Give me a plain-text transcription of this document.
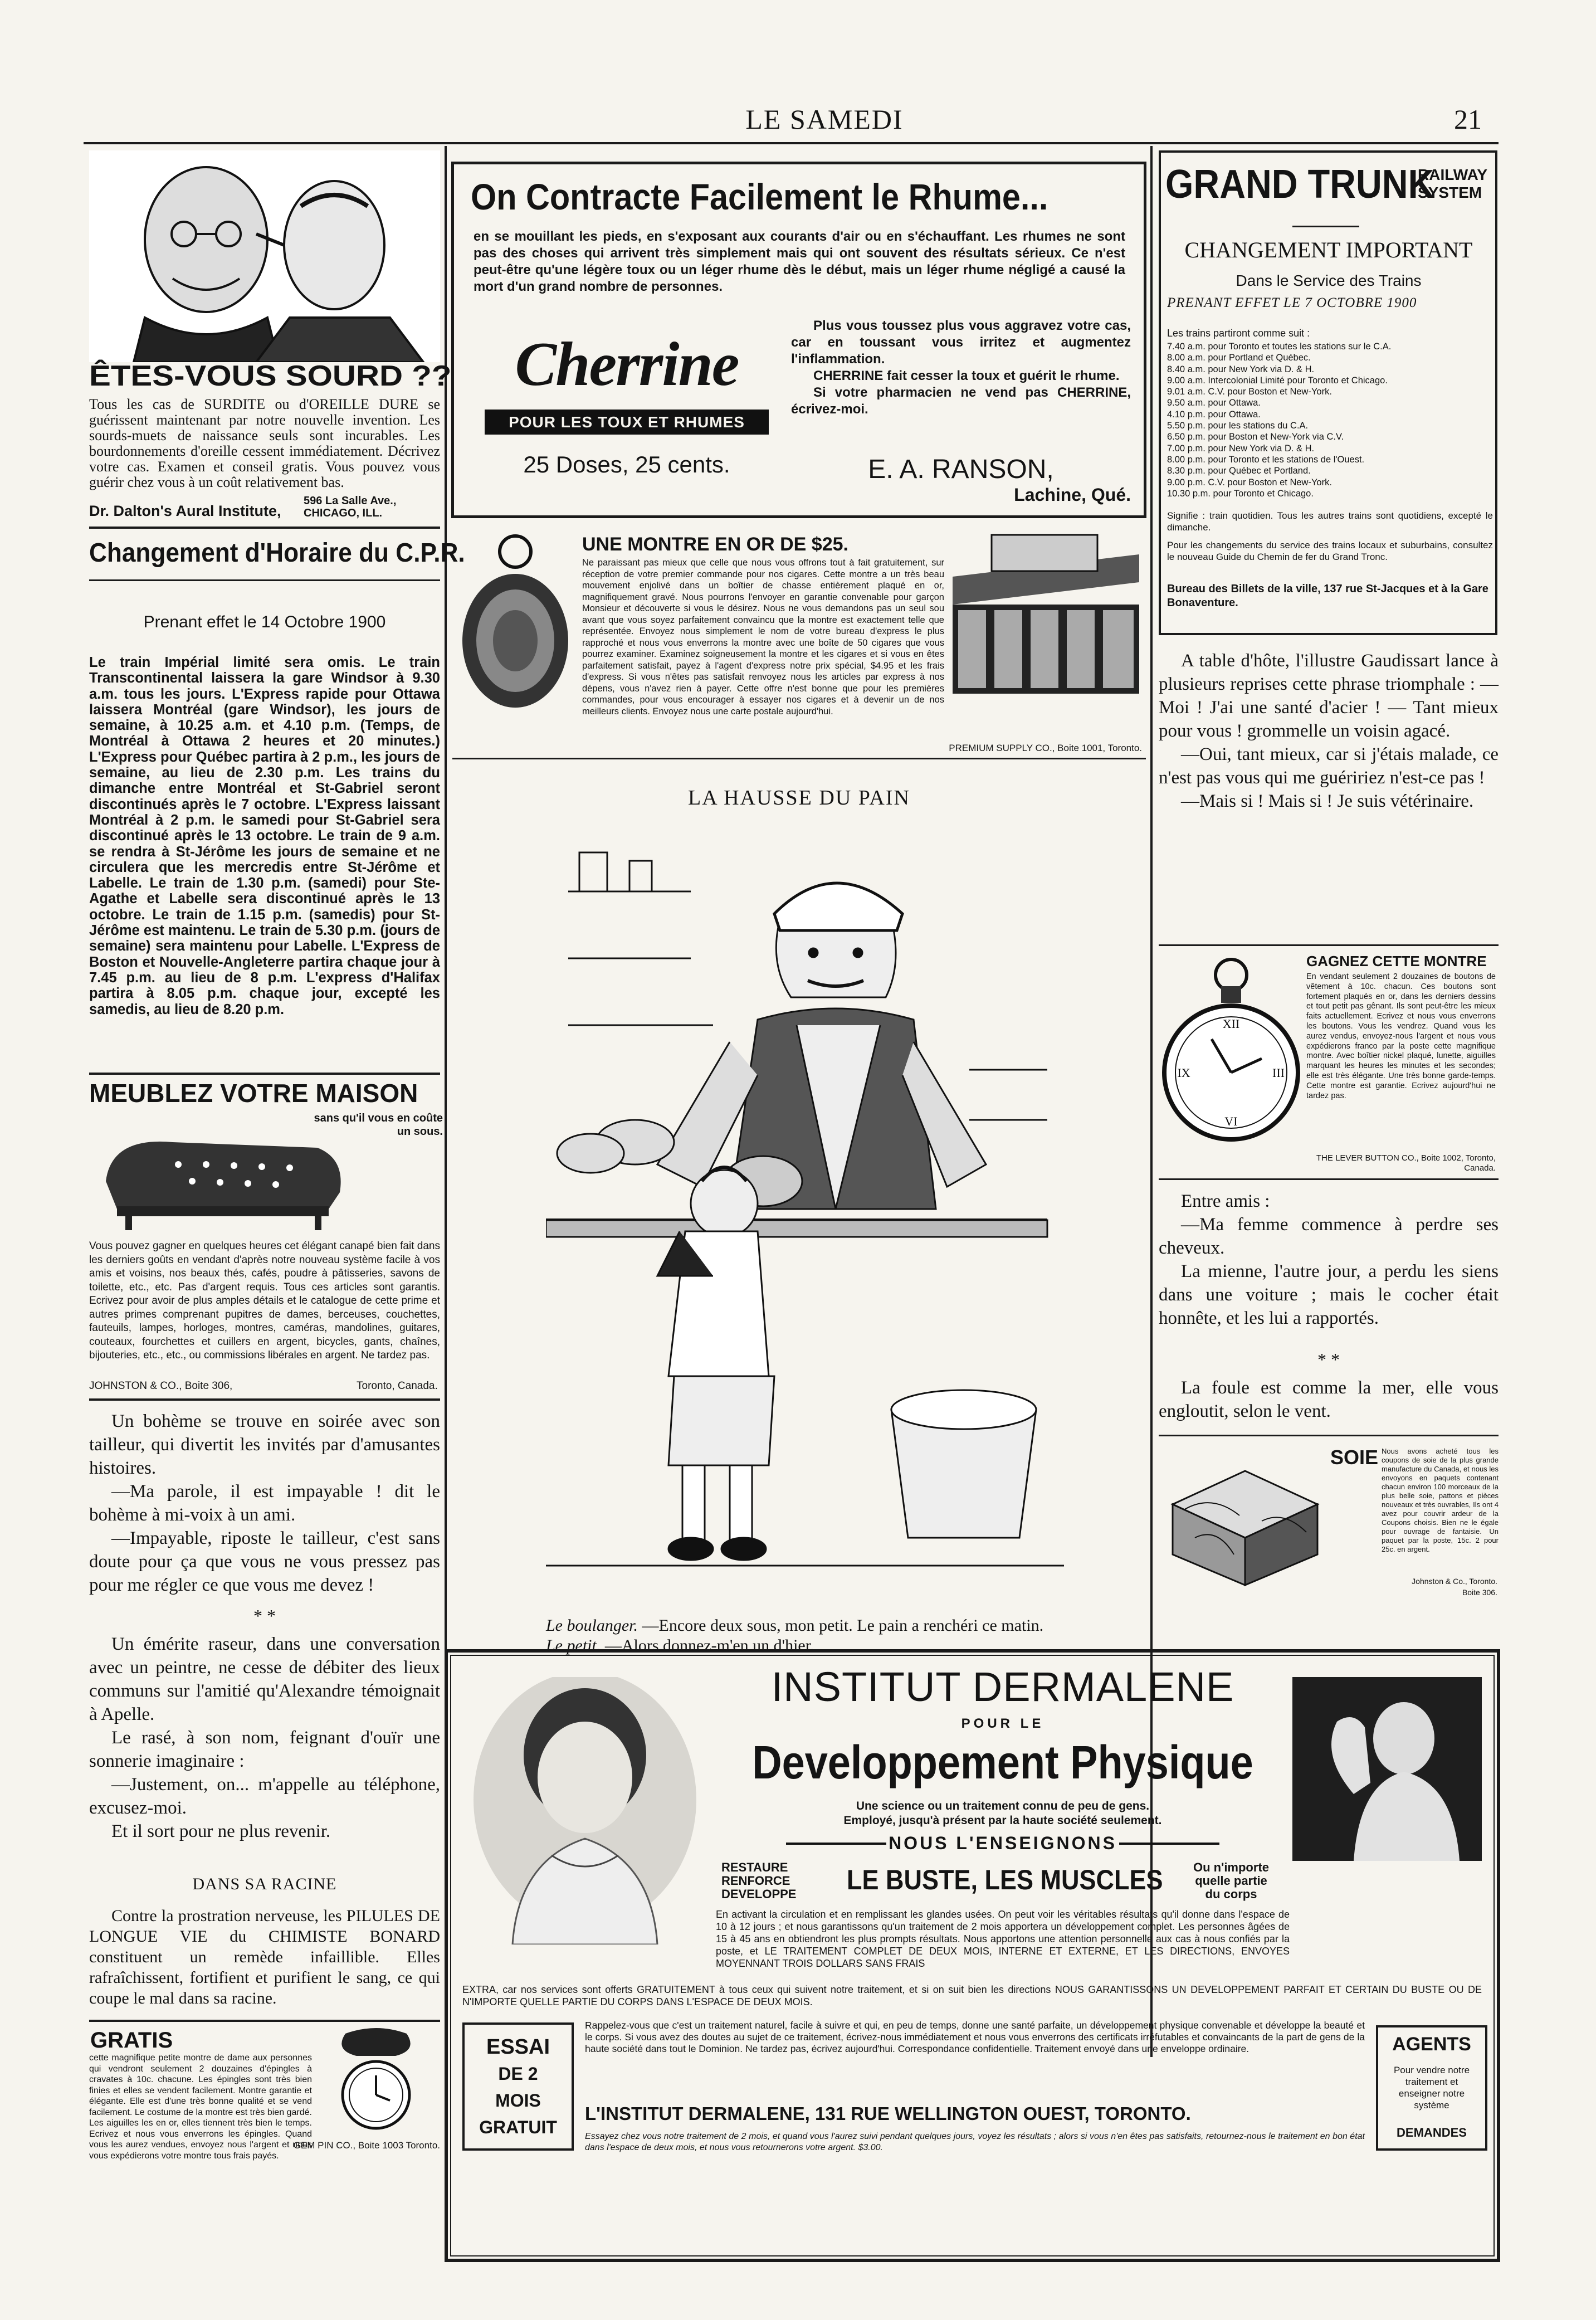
LE SAMEDI	21
ÊTES-VOUS SOURD ??
Tous les cas de SURDITE ou d'OREILLE DURE se guérissent maintenant par notre nouvelle invention. Les sourds-muets de naissance seuls sont incurables. Les bourdonnements d'oreille cessent immédiatement. Décrivez votre cas. Examen et conseil gratis. Vous pouvez vous guérir chez vous à un coût relativement bas.
Dr. Dalton's Aural Institute,
596 La Salle Ave., CHICAGO, ILL.
Changement d'Horaire du C.P.R.
Prenant effet le 14 Octobre 1900
Le train Impérial limité sera omis. Le train Transcontinental laissera la gare Windsor à 9.30 a.m. tous les jours. L'Express rapide pour Ottawa laissera Montréal (gare Windsor), les jours de semaine, à 10.25 a.m. et 4.10 p.m. (Temps, de Montréal à Ottawa 2 heures et 20 minutes.) L'Express pour Québec partira à 2 p.m., les jours de semaine, au lieu de 2.30 p.m. Les trains du dimanche entre Montréal et St-Gabriel seront discontinués après le 7 octobre. L'Express laissant Montréal à 2 p.m. le samedi pour St-Gabriel sera discontinué après le 13 octobre. Le train de 9 a.m. se rendra à St-Jérôme les jours de semaine et ne circulera que les mercredis entre St-Jérôme et Labelle. Le train de 1.30 p.m. (samedi) pour Ste-Agathe et Labelle sera discontinué après le 13 octobre. Le train de 1.15 p.m. (samedis) pour St-Jérôme est maintenu. Le train de 5.30 p.m. (jours de semaine) sera maintenu pour Labelle. L'Express de Boston et Nouvelle-Angleterre partira chaque jour à 7.45 p.m. au lieu de 8 p.m. L'express d'Halifax partira à 8.05 p.m. chaque jour, excepté les samedis, au lieu de 8.20 p.m.
MEUBLEZ VOTRE MAISON
sans qu'il vous en coûte un sous.
Vous pouvez gagner en quelques heures cet élégant canapé bien fait dans les derniers goûts en vendant d'après notre nouveau système facile à vos amis et voisins, nos beaux thés, cafés, poudre à pâtisseries, savons de toilette, etc., etc. Pas d'argent requis. Tous ces articles sont garantis. Ecrivez pour avoir de plus amples détails et le catalogue de cette prime et autres primes comprenant pupitres de dames, berceuses, couchettes, fauteuils, lampes, horloges, montres, caméras, mandolines, guitares, couteaux, fourchettes et cuillers en argent, bicycles, gants, chaînes, bijouteries, etc., etc., ou commissions libérales en argent. Ne tardez pas.
JOHNSTON & CO., Boite 306,	Toronto, Canada.

Un bohème se trouve en soirée avec son tailleur, qui divertit les invités par d'amusantes histoires.

—Ma parole, il est impayable ! dit le bohème à mi-voix à un ami.

—Impayable, riposte le tailleur, c'est sans doute pour ça que vous ne vous pressez pas pour me régler ce que vous me devez !

* *

Un émérite raseur, dans une conversation avec un peintre, ne cesse de débiter des lieux communs sur l'amitié qu'Alexandre témoignait à Apelle.

Le rasé, à son nom, feignant d'ouïr une sonnerie imaginaire :

—Justement, on... m'appelle au téléphone, excusez-moi.

Et il sort pour ne plus revenir.

DANS SA RACINE
Contre la prostration nerveuse, les PILULES DE LONGUE VIE du CHIMISTE BONARD constituent un remède infaillible. Elles rafraîchissent, fortifient et purifient le sang, ce qui coupe le mal dans sa racine.
GRATIS
cette magnifique petite montre de dame aux personnes qui vendront seulement 2 douzaines d'épingles à cravates à 10c. chacune. Les épingles sont très bien finies et elles se vendent facilement. Montre garantie et élégante. Elle est d'une très bonne qualité et se vend facilement. Le costume de la montre est très bien gardé. Les aiguilles les en or, elles tiennent très bien le temps. Ecrivez et nous vous enverrons les épingles. Quand vous les aurez vendues, envoyez nous l'argent et nous vous expédierons votre montre tous frais payés.
GEM PIN CO., Boite 1003 Toronto.
On Contracte Facilement le Rhume...
en se mouillant les pieds, en s'exposant aux courants d'air ou en s'échauffant. Les rhumes ne sont pas des choses qui arrivent très simplement mais qui ont souvent des résultats sérieux. Ce n'est peut-être qu'une légère toux ou un léger rhume dès le début, mais un léger rhume négligé a causé la mort d'un grand nombre de personnes.
Cherrine
POUR LES TOUX ET RHUMES
25 Doses, 25 cents.

Plus vous toussez plus vous aggravez votre cas, car en toussant vous irritez et augmentez l'inflammation.

CHERRINE fait cesser la toux et guérit le rhume.

Si votre pharmacien ne vend pas CHERRINE, écrivez-moi.

E. A. RANSON,
Lachine, Qué.
UNE MONTRE EN OR DE $25.
Ne paraissant pas mieux que celle que nous vous offrons tout à fait gratuitement, sur réception de votre premier commande pour nos cigares. Cette montre a un très beau mouvement enjolivé dans un boîtier de chasse entièrement plaqué en or, magnifiquement gravé. Nous pourrons l'envoyer en garantie convenable pour garçon Monsieur et découverte si vous le désirez. Nous ne vous demandons pas un seul sou avant que vous soyez parfaitement convaincu que la montre est exactement telle que représentée. Envoyez nous simplement le nom de votre bureau d'express le plus rapproché et nous vous enverrons la montre avec une boîte de 50 cigares que vous pourrez examiner. Examinez soigneusement la montre et les cigares et si vous en êtes parfaitement satisfait, payez à l'agent d'express notre prix spécial, $4.95 et les frais d'express. Si vous n'êtes pas satisfait renvoyez nous les articles par express à nos dépens, vous n'avez rien à payer. Cette offre n'est bonne que pour les premières commandes, pour vous encourager à essayer nos cigares et à devenir un de nos meilleurs clients. Envoyez nous une carte postale aujourd'hui.
PREMIUM SUPPLY CO., Boite 1001, Toronto.
LA HAUSSE DU PAIN

Le boulanger. —Encore deux sous, mon petit. Le pain a renchéri ce matin.

Le petit. —Alors donnez-m'en un d'hier.

GRAND TRUNK
RAILWAY
SYSTEM
CHANGEMENT IMPORTANT
Dans le Service des Trains
PRENANT EFFET LE 7 OCTOBRE 1900
Les trains partiront comme suit :
7.40 a.m. pour Toronto et toutes les stations sur le C.A.
8.00 a.m. pour Portland et Québec.
8.40 a.m. pour New York via D. & H.
9.00 a.m. Intercolonial Limité pour Toronto et Chicago.
9.01 a.m. C.V. pour Boston et New-York.
9.50 a.m. pour Ottawa.
4.10 p.m. pour Ottawa.
5.50 p.m. pour les stations du C.A.
6.50 p.m. pour Boston et New-York via C.V.
7.00 p.m. pour New York via D. & H.
8.00 p.m. pour Toronto et les stations de l'Ouest.
8.30 p.m. pour Québec et Portland.
9.00 p.m. C.V. pour Boston et New-York.
10.30 p.m. pour Toronto et Chicago.
Signifie : train quotidien. Tous les autres trains sont quotidiens, excepté le dimanche.
Pour les changements du service des trains locaux et suburbains, consultez le nouveau Guide du Chemin de fer du Grand Tronc.
Bureau des Billets de la ville, 137 rue St-Jacques et à la Gare Bonaventure.

A table d'hôte, l'illustre Gaudissart lance à plusieurs reprises cette phrase triomphale : —Moi ! J'ai une santé d'acier ! — Tant mieux pour vous ! grommelle un voisin agacé.

—Oui, tant mieux, car si j'étais malade, ce n'est pas vous qui me guéririez n'est-ce pas !

—Mais si ! Mais si ! Je suis vétérinaire.

XII
III
VI
IX
GAGNEZ CETTE MONTRE
En vendant seulement 2 douzaines de boutons de vêtement à 10c. chacun. Ces boutons sont fortement plaqués en or, dans les derniers dessins et tout petit pas gênant. Ils sont peut-être les mieux faits actuellement. Ecrivez et nous vous enverrons les boutons. Vous les vendrez. Quand vous les aurez vendus, envoyez-nous l'argent et nous vous expédierons franco par la poste cette magnifique montre. Avec boîtier nickel plaqué, lunette, aiguilles marquant les heures les minutes et les secondes; elle est très élégante. Une très bonne garde-temps. Cette montre est garantie. Ecrivez aujourd'hui ne tardez pas.
THE LEVER BUTTON CO., Boite 1002, Toronto, Canada.

Entre amis :

—Ma femme commence à perdre ses cheveux.

La mienne, l'autre jour, a perdu les siens dans une voiture ; mais le cocher était honnête, et les lui a rapportés.

* *
La foule est comme la mer, elle vous engloutit, selon le vent.
SOIE Nous avons acheté tous les coupons de soie de la plus grande manufacture du Canada, et nous les envoyons en paquets contenant chacun environ 100 morceaux de la plus belle soie, pattons et pièces nouveaux et très ouvrables, Ils ont 4 avez pour couvrir ardeur de la Coupons choisis. Bien ne le égale pour ouvrage de fantaisie. Un paquet par la poste, 15c. 2 pour 25c. en argent.
Johnston & Co., Toronto.
Boite 306.
INSTITUT DERMALENE
POUR LE
Developpement Physique
Une science ou un traitement connu de peu de gens.
Employé, jusqu'à présent par la haute société seulement.
NOUS L'ENSEIGNONS
RESTAURE
RENFORCE
DEVELOPPE LE BUSTE, LES MUSCLES	Ou n'importe
quelle partie
du corps
En activant la circulation et en remplissant les glandes usées. On peut voir les véritables résultats qu'il donne dans l'espace de 10 à 12 jours ; et nous garantissons qu'un traitement de 2 mois apportera un développement complet. Les personnes âgées de 15 à 45 ans en obtiendront les plus prompts résultats. Nous apportons une attention personnelle aux cas à nous confiés par la poste, et LE TRAITEMENT COMPLET DE DEUX MOIS, INTERNE ET EXTERNE, ET LES DIRECTIONS, ENVOYES MOYENNANT TROIS DOLLARS SANS FRAIS
EXTRA, car nos services sont offerts GRATUITEMENT à tous ceux qui suivent notre traitement, et si on suit bien les directions NOUS GARANTISSONS UN DEVELOPPEMENT PARFAIT ET CERTAIN DU BUSTE OU DE N'IMPORTE QUELLE PARTIE DU CORPS DANS L'ESPACE DE DEUX MOIS.
ESSAI
DE 2
MOIS
GRATUIT
Rappelez-vous que c'est un traitement naturel, facile à suivre et qui, en peu de temps, donne une santé parfaite, un développement physique convenable et développe la beauté et le corps. Si vous avez des doutes au sujet de ce traitement, écrivez-nous immédiatement et nous vous enverrons des certificats irréfutables et convaincants de la part de gens de la haute société dans tout le Dominion. Ne tardez pas, écrivez aujourd'hui. Correspondance confidentielle. Traitement envoyé dans une enveloppe ordinaire.
L'INSTITUT DERMALENE, 131 RUE WELLINGTON OUEST, TORONTO.
Essayez chez vous notre traitement de 2 mois, et quand vous l'aurez suivi pendant quelques jours, voyez les résultats ; alors si vous n'en êtes pas satisfaits, retournez-nous le traitement en bon état dans l'espace de deux mois, et nous vous retournerons votre argent. $3.00.
AGENTS
Pour vendre notre traitement et enseigner notre système
DEMANDES
